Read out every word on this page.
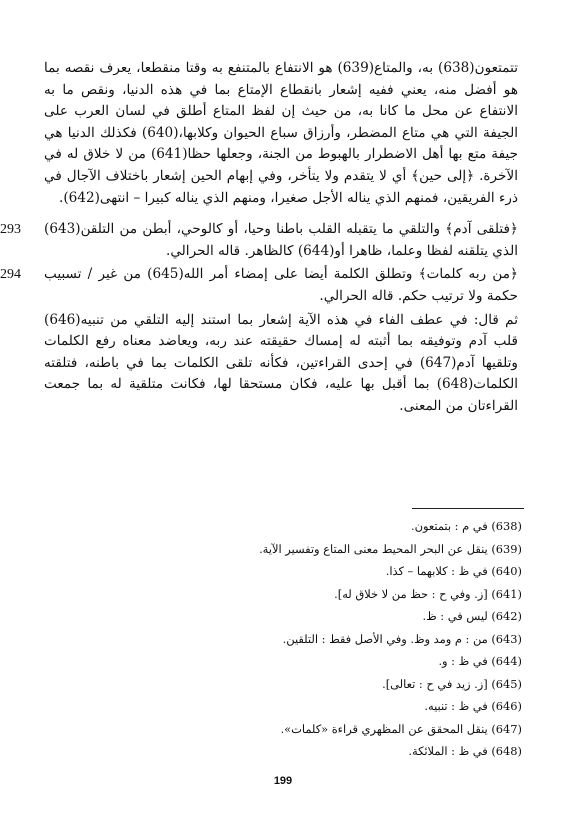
تتمتعون(638) به، والمتاع(639) هو الانتفاع بالمتنفع به وقتا منقطعا، يعرف نقصه بما هو أفضل منه، يعني ففيه إشعار بانقطاع الإمتاع بما في هذه الدنيا، ونقص ما به الانتفاع عن محل ما كانا به، من حيث إن لفظ المتاع أطلق في لسان العرب على الجيفة التي هي متاع المضطر، وأرزاق سباع الحيوان وكلابها،(640) فكذلك الدنيا هي جيفة متع بها أهل الاضطرار بالهبوط من الجنة، وجعلها حظا(641) من لا خلاق له في الآخرة. ﴿إلى حين﴾ أي لا يتقدم ولا يتأخر، وفي إبهام الحين إشعار باختلاف الآجال في ذرء الفريقين، فمنهم الذي يناله الأجل صغيرا، ومنهم الذي يناله كبيرا – انتهى(642).

293	﴿فتلقى آدم﴾ والتلقي ما يتقبله القلب باطنا وحيا، أو كالوحي، أبطن من التلقن(643) الذي يتلقنه لفظا وعلما، ظاهرا أو(644) كالظاهر. قاله الحرالي.

294	﴿من ربه كلمات﴾ وتطلق الكلمة أيضا على إمضاء أمر الله(645) من غير / تسبيب حكمة ولا ترتيب حكم. قاله الحرالي.

ثم قال: في عطف الفاء في هذه الآية إشعار بما استند إليه التلقي من تنبيه(646) قلب آدم وتوفيقه بما أثبته له إمساك حقيقته عند ربه، ويعاضد معناه رفع الكلمات وتلقيها آدم(647) في إحدى القراءتين، فكأنه تلقى الكلمات بما في باطنه، فتلقته الكلمات(648) بما أقبل بها عليه، فكان مستحقا لها، فكانت متلقية له بما جمعت القراءتان من المعنى.

(638) في م : بتمتعون.
(639) ينقل عن البحر المحيط معنى المتاع وتفسير الآية.
(640) في ظ : كلابهما – كذا.
(641) [ز. وفي ح : حظ من لا خلاق له].
(642) ليس في : ظ.
(643) من : م ومد وظ. وفي الأصل فقط : التلقين.
(644) في ظ : و.
(645) [ز. زيد في ح : تعالى].
(646) في ظ : تنبيه.
(647) ينقل المحقق عن المظهري قراءة «كلمات».
(648) في ظ : الملائكة.
199
